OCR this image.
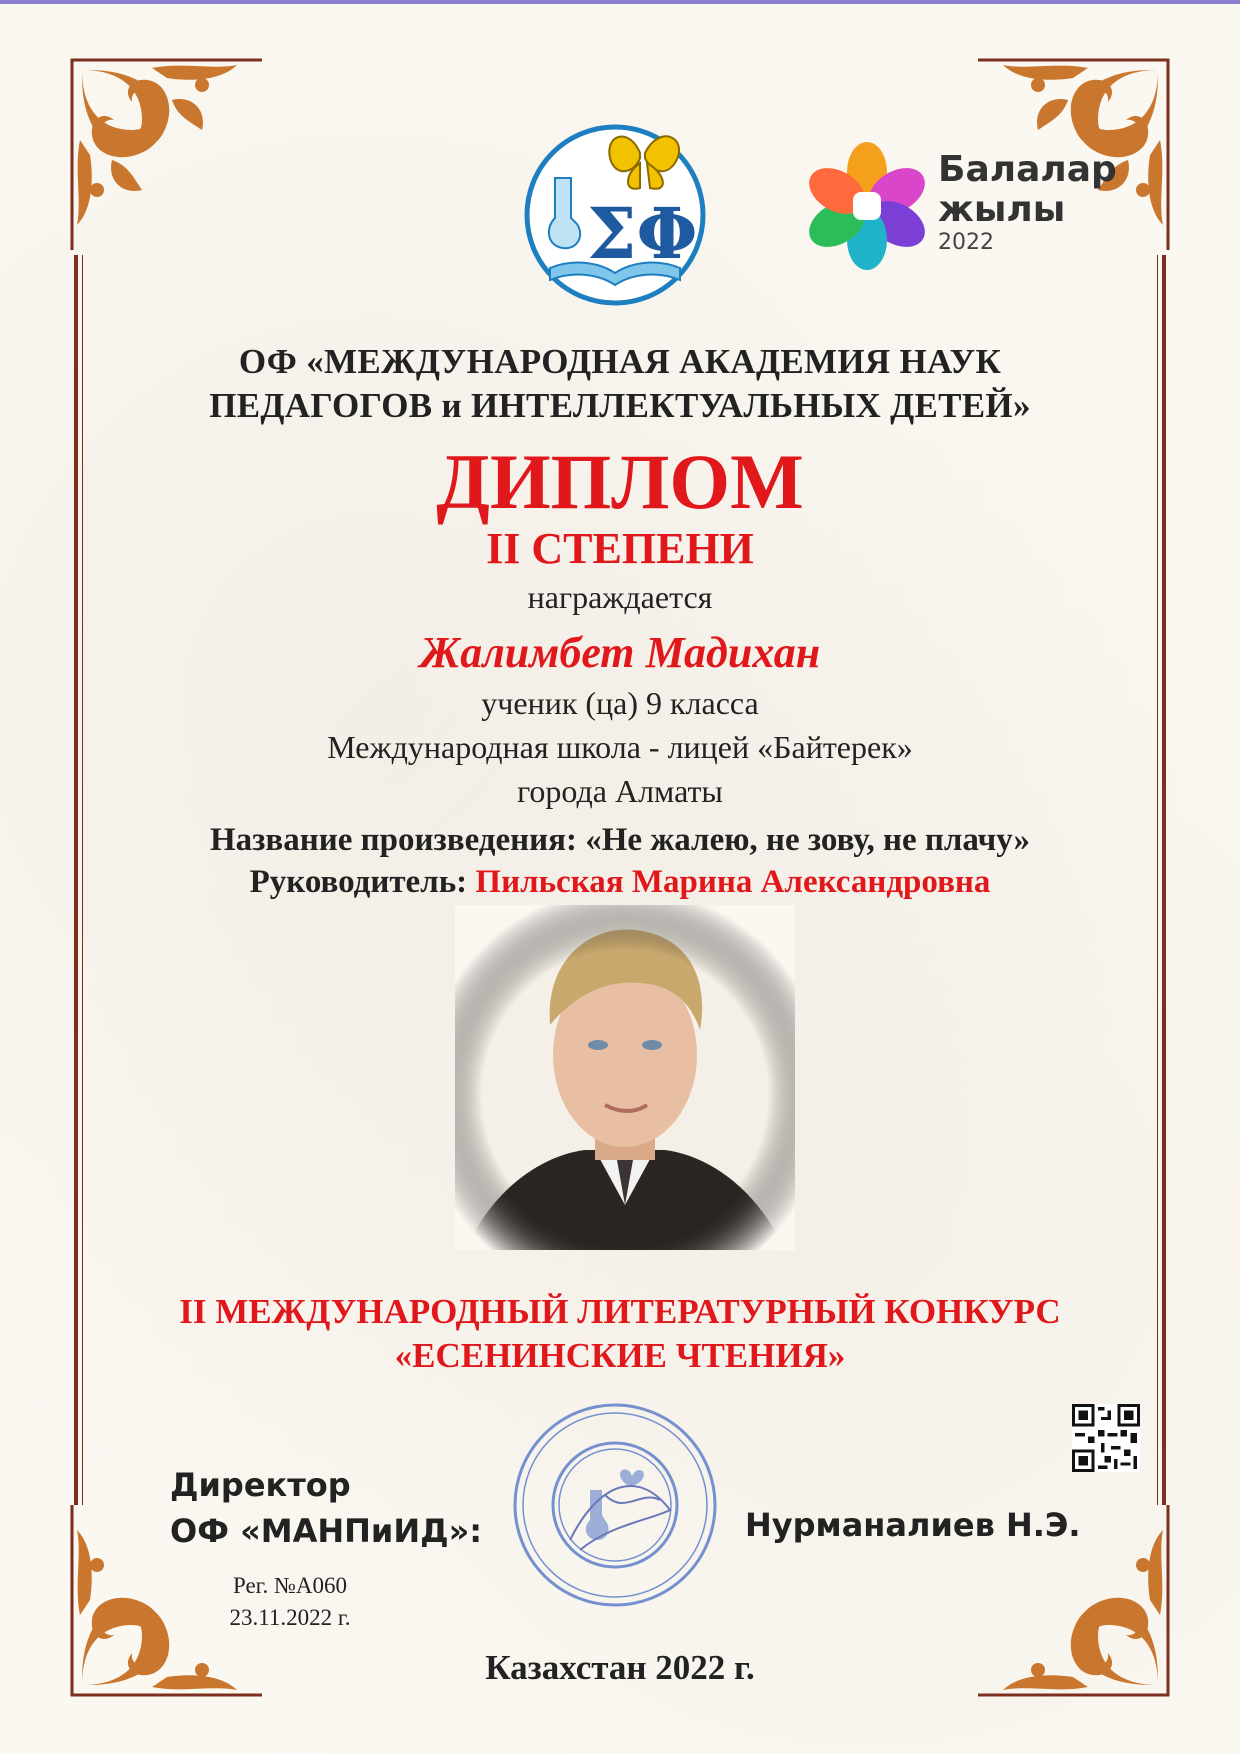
ΣΦ
Балалар
жылы
2022
ОФ «МЕЖДУНАРОДНАЯ АКАДЕМИЯ НАУК
ПЕДАГОГОВ и ИНТЕЛЛЕКТУАЛЬНЫХ ДЕТЕЙ»
ДИПЛОМ
II СТЕПЕНИ
награждается
Жалимбет Мадихан
ученик (ца) 9 класса
Международная школа - лицей «Байтерек»
города Алматы
Название произведения: «Не жалею, не зову, не плачу»
Руководитель: Пильская Марина Александровна
II МЕЖДУНАРОДНЫЙ ЛИТЕРАТУРНЫЙ КОНКУРС
«ЕСЕНИНСКИЕ ЧТЕНИЯ»
Директор
ОФ «МАНПиИД»:	Нурманалиев Н.Э.
Рег. №А060
23.11.2022 г.
Казахстан 2022 г.
